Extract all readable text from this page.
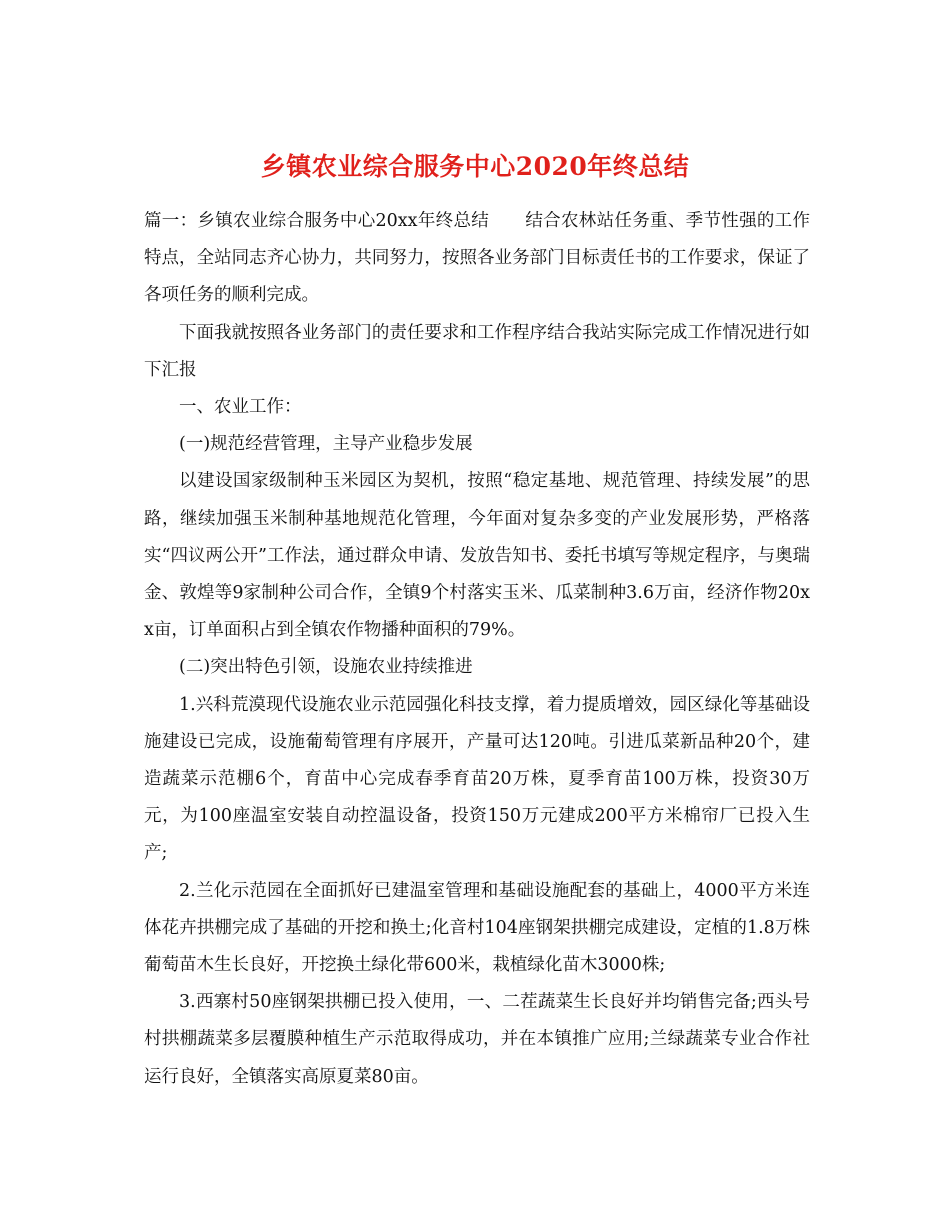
乡镇农业综合服务中心2020年终总结

篇一：乡镇农业综合服务中心20xx年终总结 结合农林站任务重、季节性强的工作特点，全站同志齐心协力，共同努力，按照各业务部门目标责任书的工作要求，保证了各项任务的顺利完成。

下面我就按照各业务部门的责任要求和工作程序结合我站实际完成工作情况进行如下汇报

一、农业工作：

(一)规范经营管理，主导产业稳步发展

以建设国家级制种玉米园区为契机，按照“稳定基地、规范管理、持续发展”的思路，继续加强玉米制种基地规范化管理，今年面对复杂多变的产业发展形势，严格落实“四议两公开”工作法，通过群众申请、发放告知书、委托书填写等规定程序，与奥瑞金、敦煌等9家制种公司合作，全镇9个村落实玉米、瓜菜制种3.6万亩，经济作物20xx亩，订单面积占到全镇农作物播种面积的79%。

(二)突出特色引领，设施农业持续推进

1.兴科荒漠现代设施农业示范园强化科技支撑，着力提质增效，园区绿化等基础设施建设已完成，设施葡萄管理有序展开，产量可达120吨。引进瓜菜新品种20个，建造蔬菜示范棚6个，育苗中心完成春季育苗20万株，夏季育苗100万株，投资30万元，为100座温室安装自动控温设备，投资150万元建成200平方米棉帘厂已投入生产;

2.兰化示范园在全面抓好已建温室管理和基础设施配套的基础上，4000平方米连体花卉拱棚完成了基础的开挖和换土;化音村104座钢架拱棚完成建设，定植的1.8万株葡萄苗木生长良好，开挖换土绿化带600米，栽植绿化苗木3000株;

3.西寨村50座钢架拱棚已投入使用，一、二茬蔬菜生长良好并均销售完备;西头号村拱棚蔬菜多层覆膜种植生产示范取得成功，并在本镇推广应用;兰绿蔬菜专业合作社运行良好，全镇落实高原夏菜80亩。
